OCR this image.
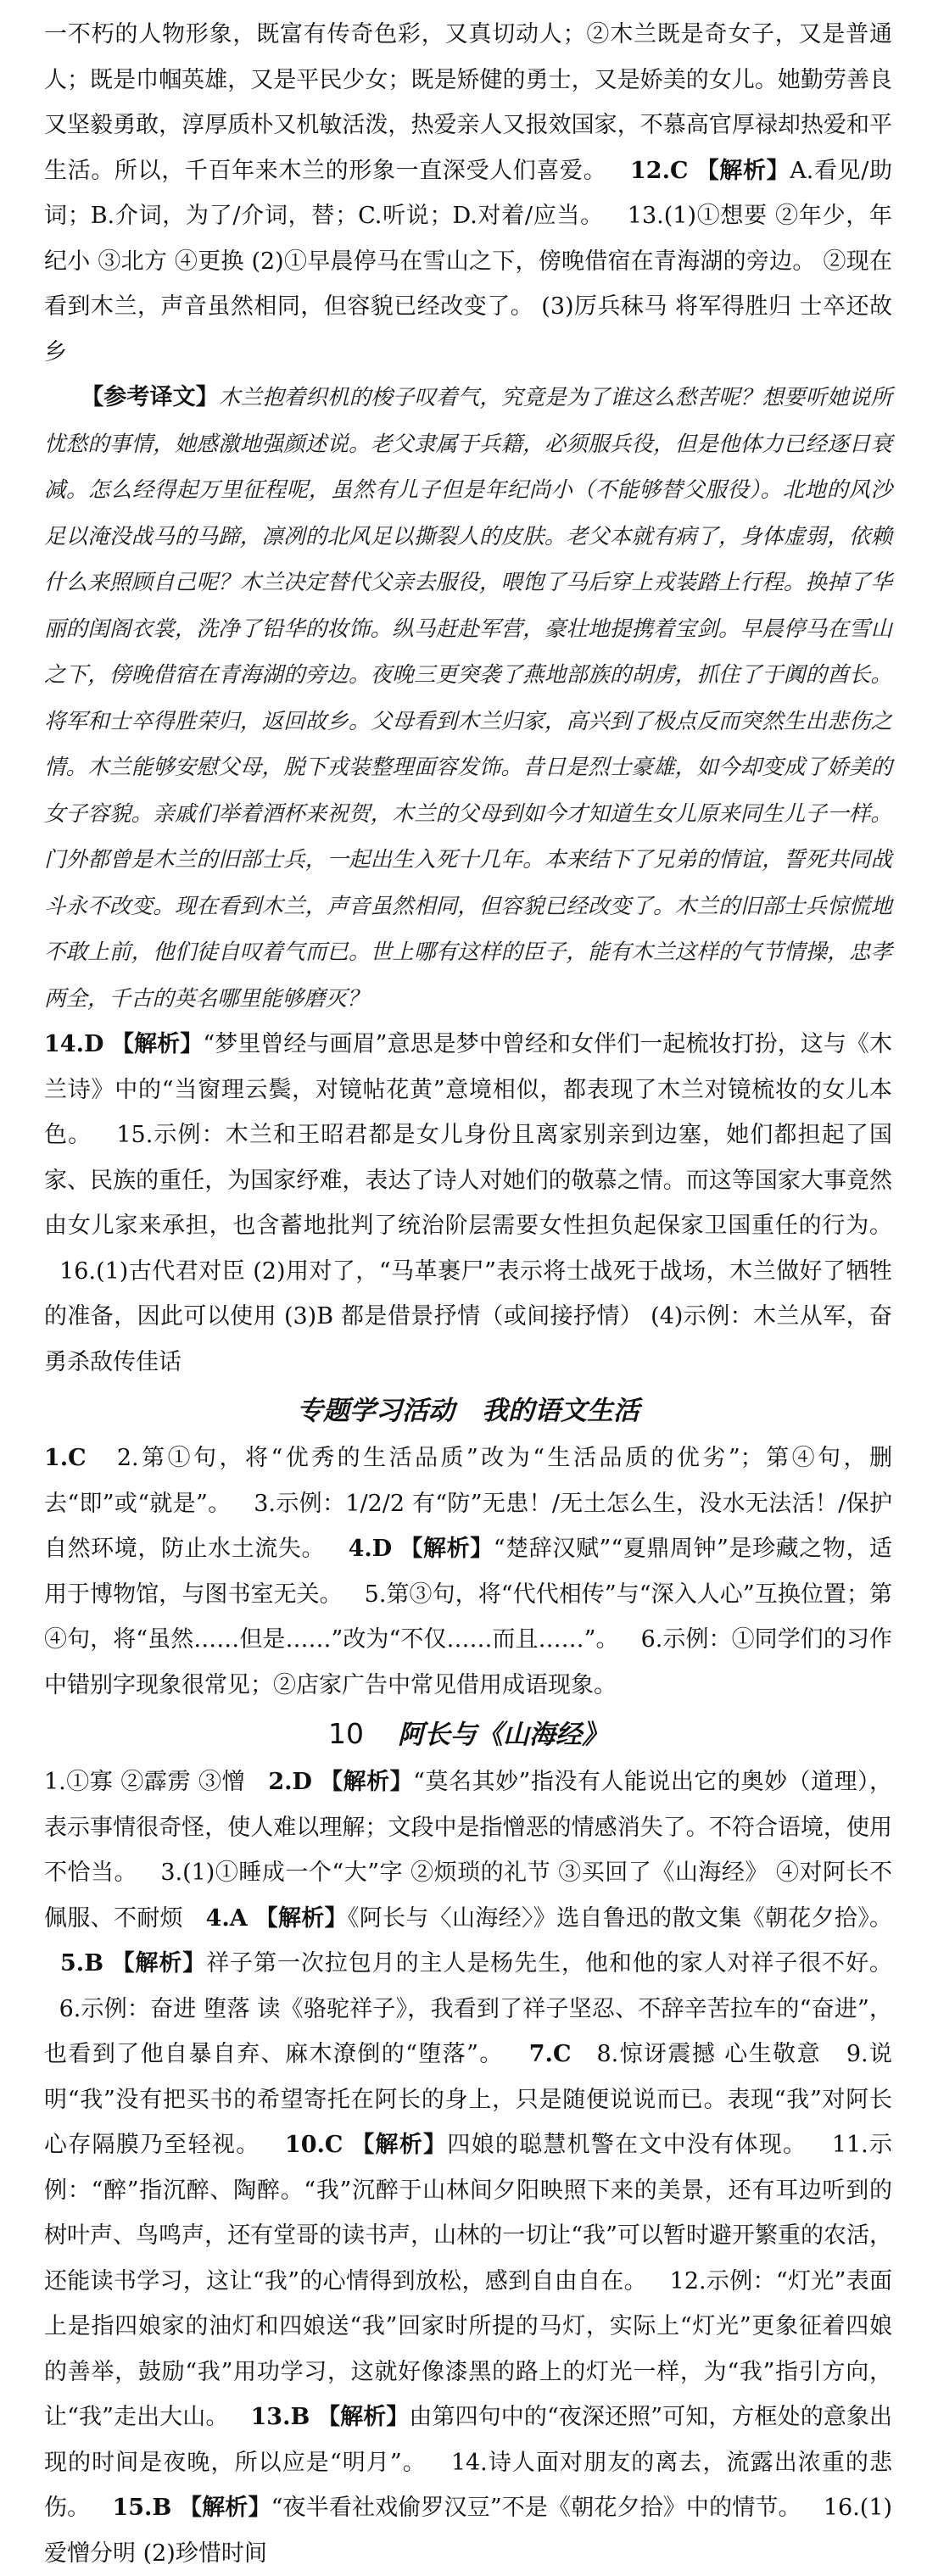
一不朽的人物形象，既富有传奇色彩，又真切动人；②木兰既是奇女子，又是普通人；既是巾帼英雄，又是平民少女；既是矫健的勇士，又是娇美的女儿。她勤劳善良又坚毅勇敢，淳厚质朴又机敏活泼，热爱亲人又报效国家，不慕高官厚禄却热爱和平生活。所以，千百年来木兰的形象一直深受人们喜爱。 12.C 【解析】A.看见/助词；B.介词，为了/介词，替；C.听说；D.对着/应当。 13.(1)①想要 ②年少，年纪小 ③北方 ④更换 (2)①早晨停马在雪山之下，傍晚借宿在青海湖的旁边。 ②现在看到木兰，声音虽然相同，但容貌已经改变了。 (3)厉兵秣马 将军得胜归 士卒还故乡

【参考译文】木兰抱着织机的梭子叹着气，究竟是为了谁这么愁苦呢？想要听她说所忧愁的事情，她感激地强颜述说。老父隶属于兵籍，必须服兵役，但是他体力已经逐日衰减。怎么经得起万里征程呢，虽然有儿子但是年纪尚小（不能够替父服役）。北地的风沙足以淹没战马的马蹄，凛冽的北风足以撕裂人的皮肤。老父本就有病了，身体虚弱，依赖什么来照顾自己呢？木兰决定替代父亲去服役，喂饱了马后穿上戎装踏上行程。换掉了华丽的闺阁衣裳，洗净了铅华的妆饰。纵马赶赴军营，豪壮地提携着宝剑。早晨停马在雪山之下，傍晚借宿在青海湖的旁边。夜晚三更突袭了燕地部族的胡虏，抓住了于阗的酋长。将军和士卒得胜荣归，返回故乡。父母看到木兰归家，高兴到了极点反而突然生出悲伤之情。木兰能够安慰父母，脱下戎装整理面容发饰。昔日是烈士豪雄，如今却变成了娇美的女子容貌。亲戚们举着酒杯来祝贺，木兰的父母到如今才知道生女儿原来同生儿子一样。门外都曾是木兰的旧部士兵，一起出生入死十几年。本来结下了兄弟的情谊，誓死共同战斗永不改变。现在看到木兰，声音虽然相同，但容貌已经改变了。木兰的旧部士兵惊慌地不敢上前，他们徒自叹着气而已。世上哪有这样的臣子，能有木兰这样的气节情操，忠孝两全，千古的英名哪里能够磨灭？

14.D 【解析】“梦里曾经与画眉”意思是梦中曾经和女伴们一起梳妆打扮，这与《木兰诗》中的“当窗理云鬓，对镜帖花黄”意境相似，都表现了木兰对镜梳妆的女儿本色。 15.示例：木兰和王昭君都是女儿身份且离家别亲到边塞，她们都担起了国家、民族的重任，为国家纾难，表达了诗人对她们的敬慕之情。而这等国家大事竟然由女儿家来承担，也含蓄地批判了统治阶层需要女性担负起保家卫国重任的行为。   16.(1)古代君对臣 (2)用对了，“马革裹尸”表示将士战死于战场，木兰做好了牺牲的准备，因此可以使用 (3)B 都是借景抒情（或间接抒情） (4)示例：木兰从军，奋勇杀敌传佳话

专题学习活动 我的语文生活

1.C 2.第①句，将“优秀的生活品质”改为“生活品质的优劣”；第④句，删去“即”或“就是”。 3.示例：1/2/2 有“防”无患！/无土怎么生，没水无法活！/保护自然环境，防止水土流失。 4.D 【解析】“楚辞汉赋”“夏鼎周钟”是珍藏之物，适用于博物馆，与图书室无关。 5.第③句，将“代代相传”与“深入人心”互换位置；第④句，将“虽然……但是……”改为“不仅……而且……”。 6.示例：①同学们的习作中错别字现象很常见；②店家广告中常见借用成语现象。

10 阿长与《山海经》

1.①寡 ②霹雳 ③憎 2.D 【解析】“莫名其妙”指没有人能说出它的奥妙（道理），表示事情很奇怪，使人难以理解；文段中是指憎恶的情感消失了。不符合语境，使用不恰当。 3.(1)①睡成一个“大”字 ②烦琐的礼节 ③买回了《山海经》 ④对阿长不佩服、不耐烦 4.A 【解析】《阿长与〈山海经〉》选自鲁迅的散文集《朝花夕拾》。   5.B 【解析】祥子第一次拉包月的主人是杨先生，他和他的家人对祥子很不好。   6.示例：奋进 堕落 读《骆驼祥子》，我看到了祥子坚忍、不辞辛苦拉车的“奋进”，也看到了他自暴自弃、麻木潦倒的“堕落”。 7.C 8.惊讶震撼 心生敬意 9.说明“我”没有把买书的希望寄托在阿长的身上，只是随便说说而已。表现“我”对阿长心存隔膜乃至轻视。 10.C 【解析】四娘的聪慧机警在文中没有体现。 11.示例：“醉”指沉醉、陶醉。“我”沉醉于山林间夕阳映照下来的美景，还有耳边听到的树叶声、鸟鸣声，还有堂哥的读书声，山林的一切让“我”可以暂时避开繁重的农活，还能读书学习，这让“我”的心情得到放松，感到自由自在。 12.示例：“灯光”表面上是指四娘家的油灯和四娘送“我”回家时所提的马灯，实际上“灯光”更象征着四娘的善举，鼓励“我”用功学习，这就好像漆黑的路上的灯光一样，为“我”指引方向，让“我”走出大山。 13.B 【解析】由第四句中的“夜深还照”可知，方框处的意象出现的时间是夜晚，所以应是“明月”。 14.诗人面对朋友的离去，流露出浓重的悲伤。 15.B 【解析】“夜半看社戏偷罗汉豆”不是《朝花夕拾》中的情节。 16.(1)爱憎分明 (2)珍惜时间
